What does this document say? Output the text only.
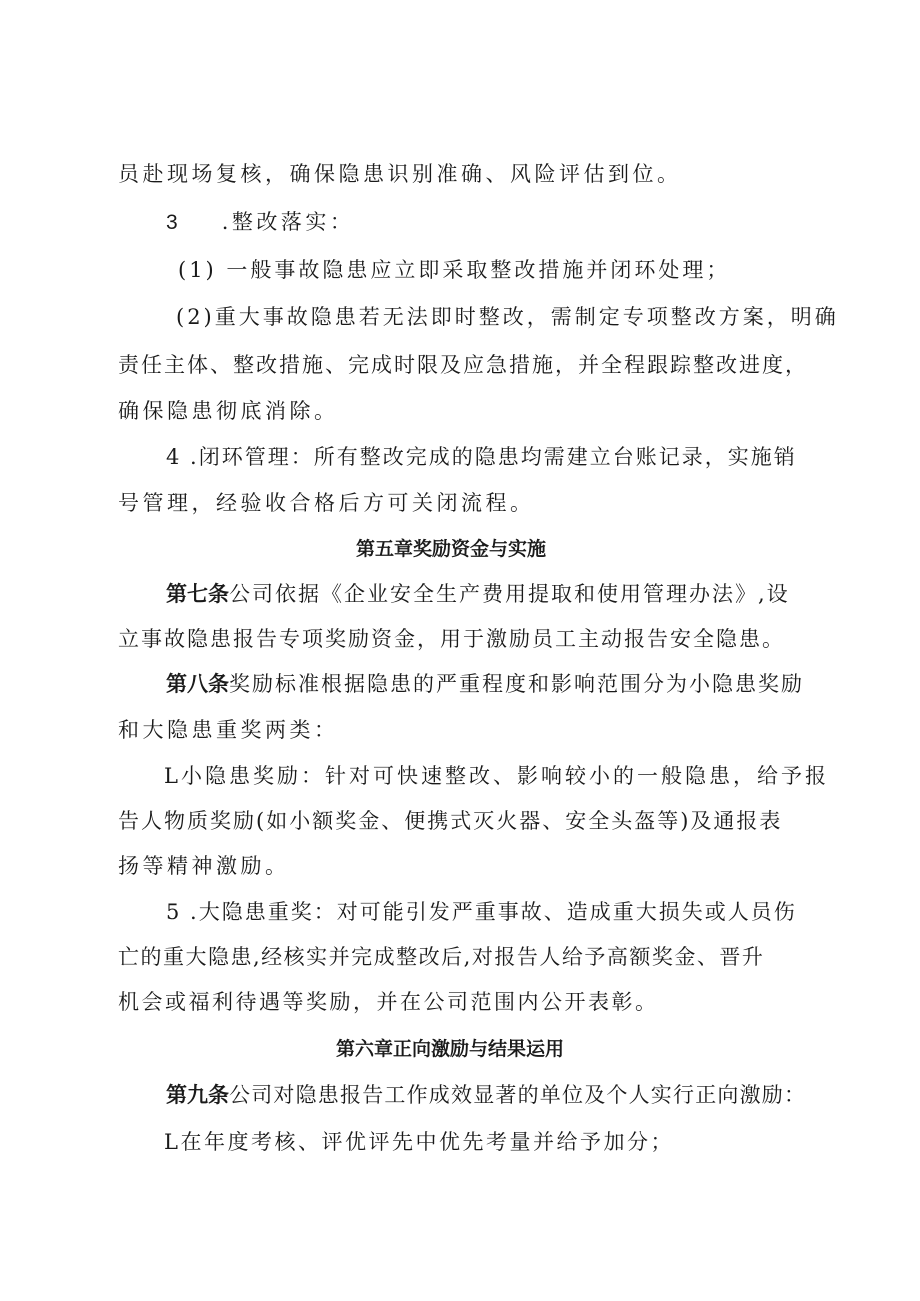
员赴现场复核，确保隐患识别准确、风险评估到位。
3 .整改落实：
(1) 一般事故隐患应立即采取整改措施并闭环处理；
(2)重大事故隐患若无法即时整改，需制定专项整改方案，明确
责任主体、整改措施、完成时限及应急措施，并全程跟踪整改进度，
确保隐患彻底消除。
4 .闭环管理：所有整改完成的隐患均需建立台账记录，实施销
号管理，经验收合格后方可关闭流程。
第五章奖励资金与实施
第七条公司依据《企业安全生产费用提取和使用管理办法》,设
立事故隐患报告专项奖励资金，用于激励员工主动报告安全隐患。
第八条奖励标准根据隐患的严重程度和影响范围分为小隐患奖励
和大隐患重奖两类：
L小隐患奖励：针对可快速整改、影响较小的一般隐患，给予报
告人物质奖励(如小额奖金、便携式灭火器、安全头盔等)及通报表
扬等精神激励。
5 .大隐患重奖：对可能引发严重事故、造成重大损失或人员伤
亡的重大隐患,经核实并完成整改后,对报告人给予高额奖金、晋升
机会或福利待遇等奖励，并在公司范围内公开表彰。
第六章正向激励与结果运用
第九条公司对隐患报告工作成效显著的单位及个人实行正向激励：
L在年度考核、评优评先中优先考量并给予加分；
